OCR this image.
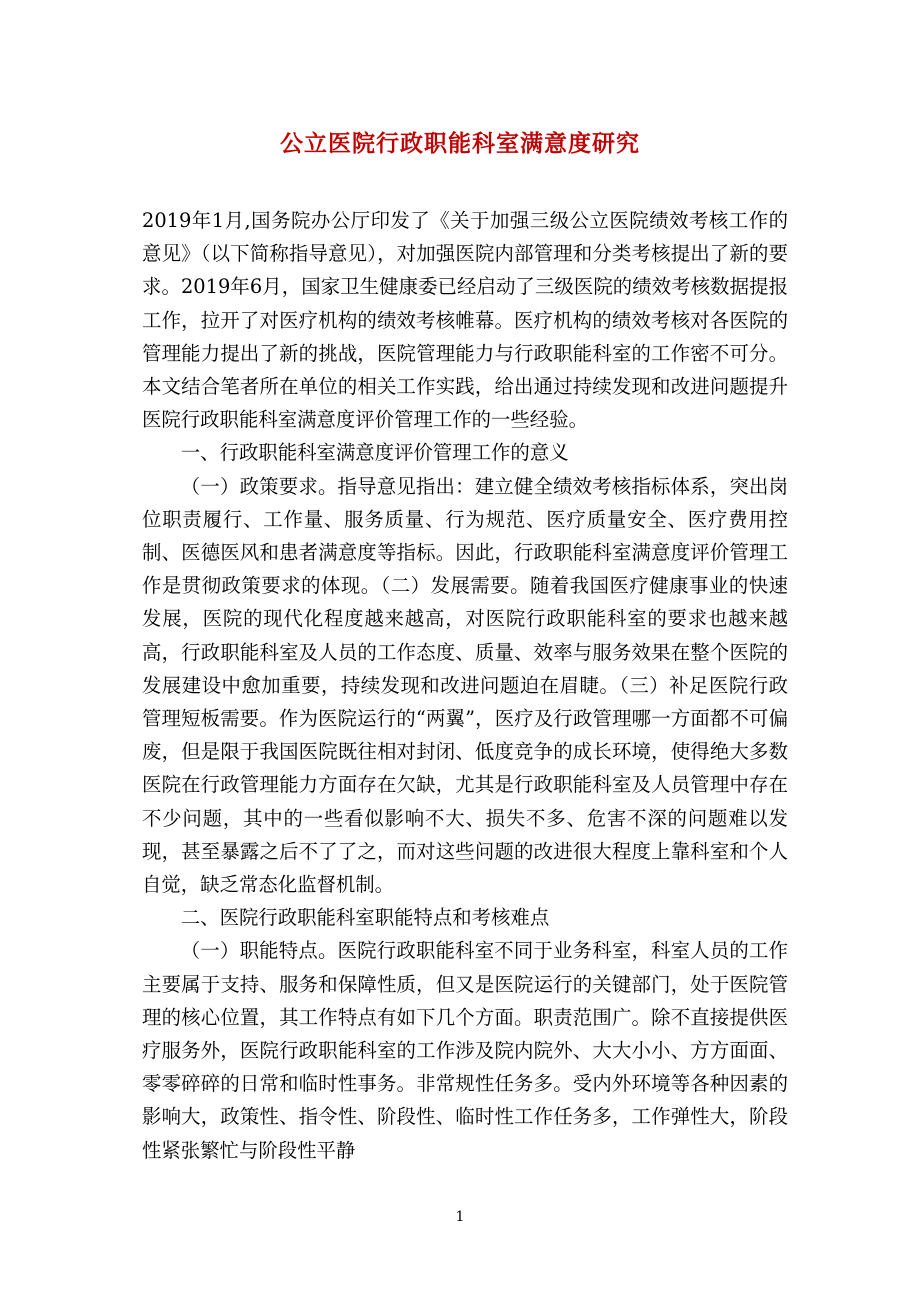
公立医院行政职能科室满意度研究

2019年1月,国务院办公厅印发了《关于加强三级公立医院绩效考核工作的意见》（以下简称指导意见），对加强医院内部管理和分类考核提出了新的要求。2019年6月，国家卫生健康委已经启动了三级医院的绩效考核数据提报工作，拉开了对医疗机构的绩效考核帷幕。医疗机构的绩效考核对各医院的管理能力提出了新的挑战，医院管理能力与行政职能科室的工作密不可分。本文结合笔者所在单位的相关工作实践，给出通过持续发现和改进问题提升医院行政职能科室满意度评价管理工作的一些经验。

一、行政职能科室满意度评价管理工作的意义

（一）政策要求。指导意见指出：建立健全绩效考核指标体系，突出岗位职责履行、工作量、服务质量、行为规范、医疗质量安全、医疗费用控制、医德医风和患者满意度等指标。因此，行政职能科室满意度评价管理工作是贯彻政策要求的体现。（二）发展需要。随着我国医疗健康事业的快速发展，医院的现代化程度越来越高，对医院行政职能科室的要求也越来越高，行政职能科室及人员的工作态度、质量、效率与服务效果在整个医院的发展建设中愈加重要，持续发现和改进问题迫在眉睫。（三）补足医院行政管理短板需要。作为医院运行的“两翼”，医疗及行政管理哪一方面都不可偏废，但是限于我国医院既往相对封闭、低度竞争的成长环境，使得绝大多数医院在行政管理能力方面存在欠缺，尤其是行政职能科室及人员管理中存在不少问题，其中的一些看似影响不大、损失不多、危害不深的问题难以发现，甚至暴露之后不了了之，而对这些问题的改进很大程度上靠科室和个人自觉，缺乏常态化监督机制。

二、医院行政职能科室职能特点和考核难点

（一）职能特点。医院行政职能科室不同于业务科室，科室人员的工作主要属于支持、服务和保障性质，但又是医院运行的关键部门，处于医院管理的核心位置，其工作特点有如下几个方面。职责范围广。除不直接提供医疗服务外，医院行政职能科室的工作涉及院内院外、大大小小、方方面面、零零碎碎的日常和临时性事务。非常规性任务多。受内外环境等各种因素的影响大，政策性、指令性、阶段性、临时性工作任务多，工作弹性大，阶段性紧张繁忙与阶段性平静

1
